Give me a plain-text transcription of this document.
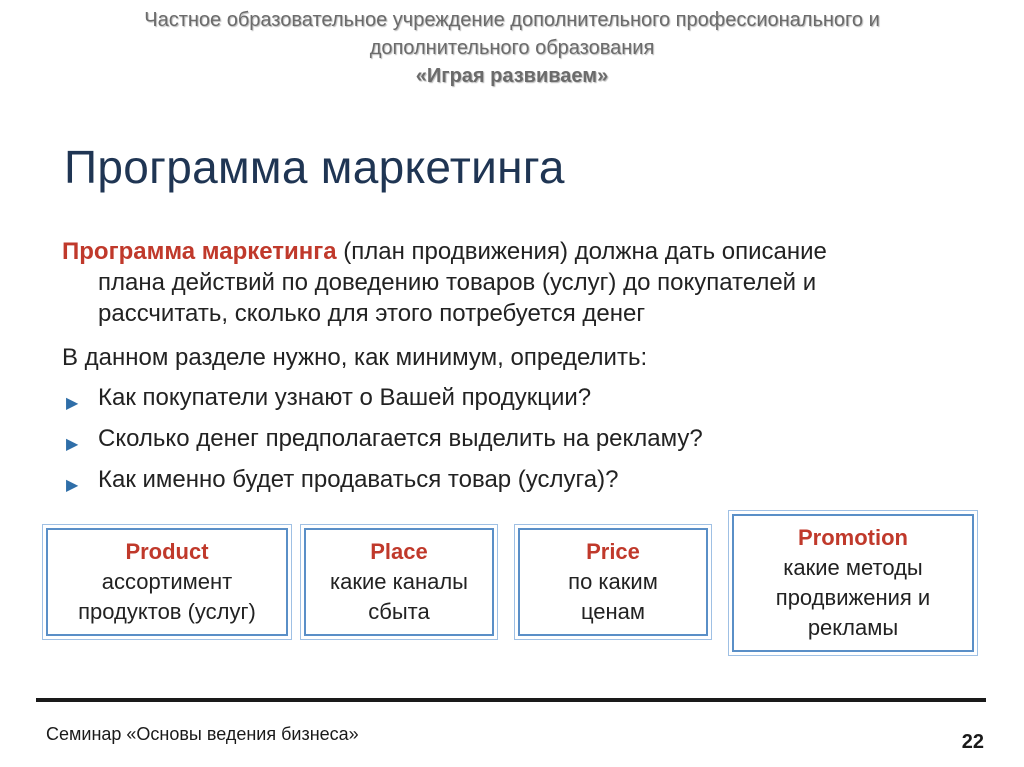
Частное образовательное учреждение дополнительного профессионального и
дополнительного образования
«Играя развиваем»
Программа маркетинга
Программа маркетинга (план продвижения) должна дать описание
плана действий по доведению товаров (услуг) до покупателей и
рассчитать, сколько для этого потребуется денег
В данном разделе нужно, как минимум, определить:
▶ Как покупатели узнают о Вашей продукции?
▶ Сколько денег предполагается выделить на рекламу?
▶ Как именно будет продаваться товар (услуга)?
Product
ассортимент
продуктов (услуг)
Place
какие каналы
сбыта
Price
по каким
ценам
Promotion
какие методы
продвижения и
рекламы
Семинар «Основы ведения бизнеса»	22
